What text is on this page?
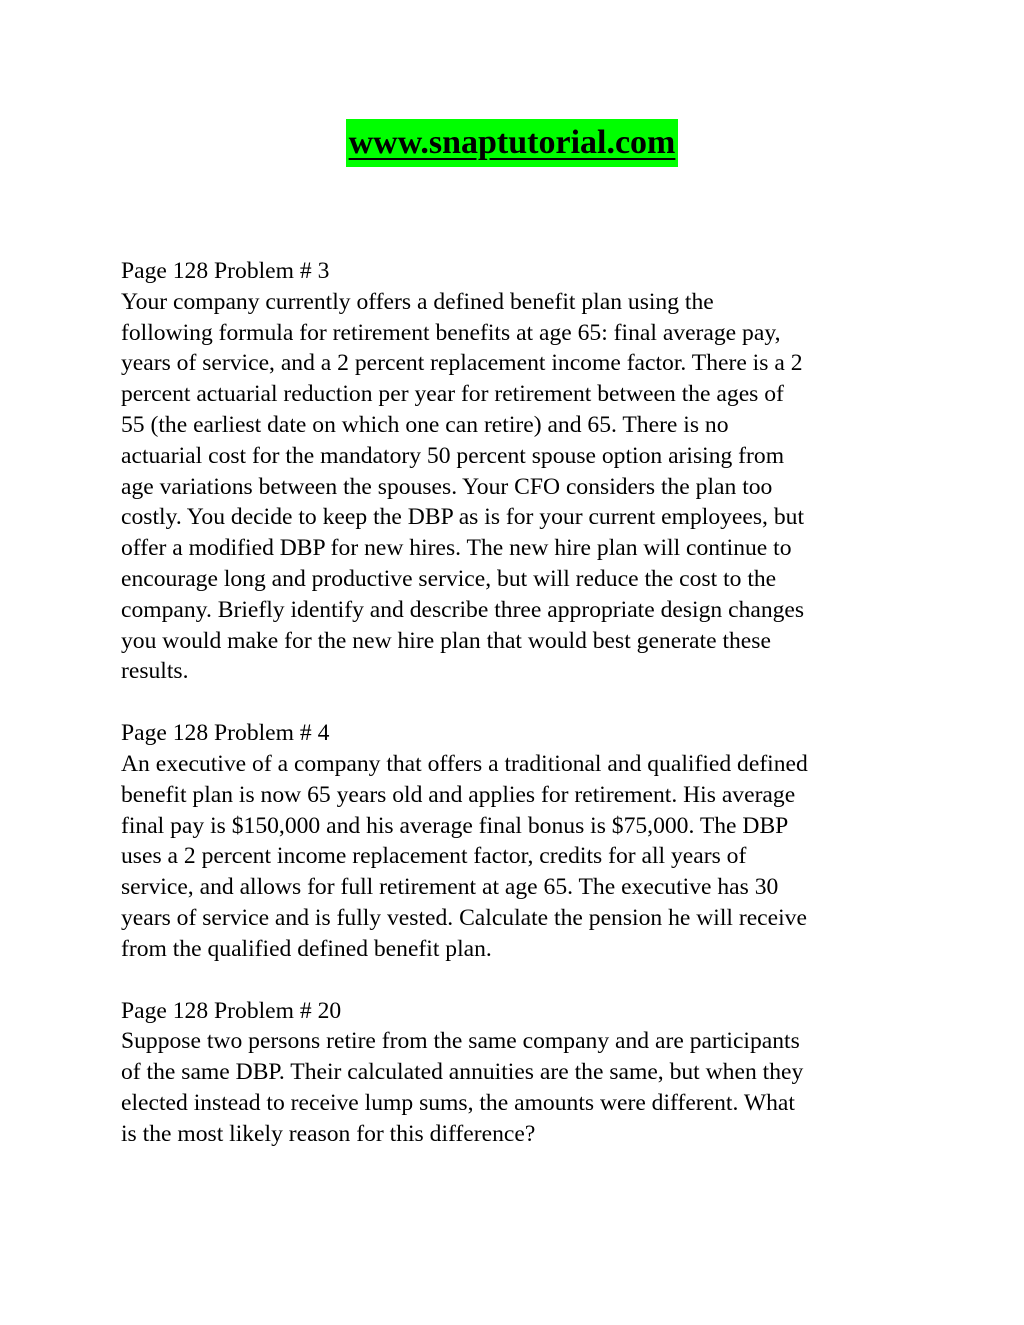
www.snaptutorial.com
Page 128 Problem # 3
Your company currently offers a defined benefit plan using the
following formula for retirement benefits at age 65: final average pay,
years of service, and a 2 percent replacement income factor. There is a 2
percent actuarial reduction per year for retirement between the ages of
55 (the earliest date on which one can retire) and 65. There is no
actuarial cost for the mandatory 50 percent spouse option arising from
age variations between the spouses. Your CFO considers the plan too
costly. You decide to keep the DBP as is for your current employees, but
offer a modified DBP for new hires. The new hire plan will continue to
encourage long and productive service, but will reduce the cost to the
company. Briefly identify and describe three appropriate design changes
you would make for the new hire plan that would best generate these
results.
Page 128 Problem # 4
An executive of a company that offers a traditional and qualified defined
benefit plan is now 65 years old and applies for retirement. His average
final pay is $150,000 and his average final bonus is $75,000. The DBP
uses a 2 percent income replacement factor, credits for all years of
service, and allows for full retirement at age 65. The executive has 30
years of service and is fully vested. Calculate the pension he will receive
from the qualified defined benefit plan.
Page 128 Problem # 20
Suppose two persons retire from the same company and are participants
of the same DBP. Their calculated annuities are the same, but when they
elected instead to receive lump sums, the amounts were different. What
is the most likely reason for this difference?
